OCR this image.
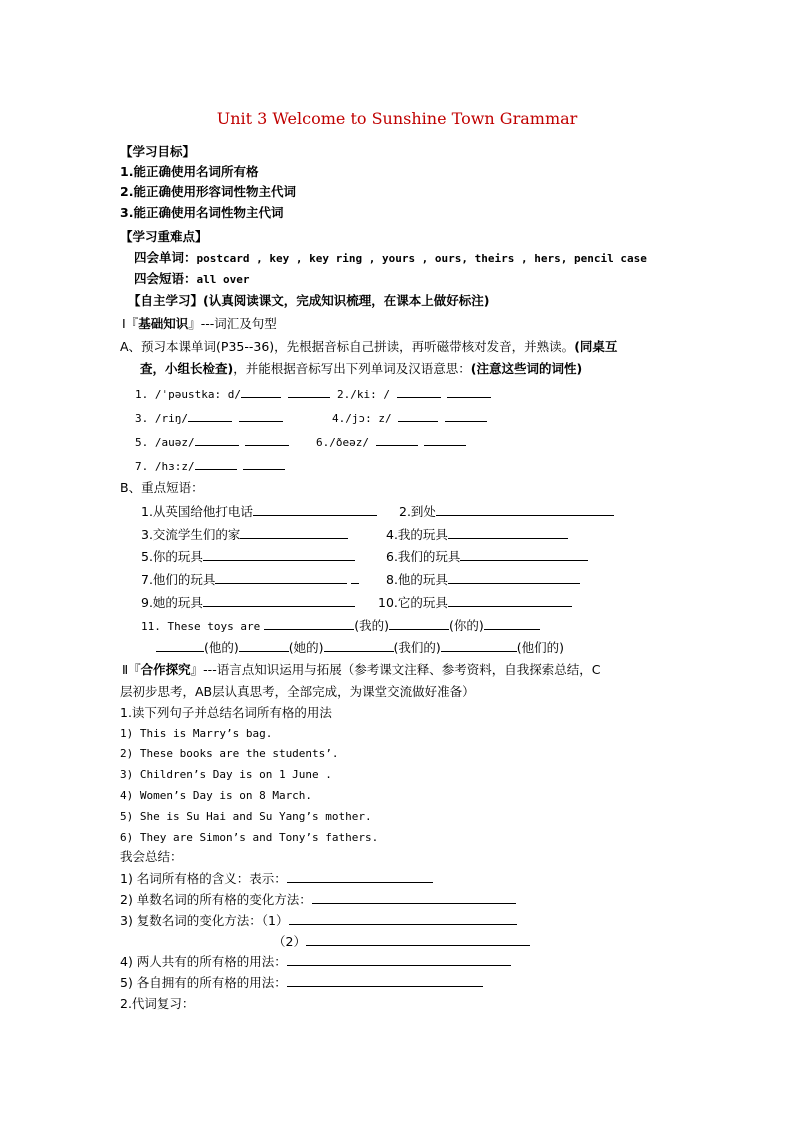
Unit 3 Welcome to Sunshine Town Grammar
【学习目标】
1.能正确使用名词所有格
2.能正确使用形容词性物主代词
3.能正确使用名词性物主代词
【学习重难点】
四会单词：postcard , key , key ring , yours , ours, theirs , hers, pencil case
四会短语：all over
【自主学习】(认真阅读课文，完成知识梳理，在课本上做好标注)
Ⅰ『基础知识』---词汇及句型
A、预习本课单词(P35--36)，先根据音标自己拼读，再听磁带核对发音，并熟读。(同桌互
查，小组长检查)，并能根据音标写出下列单词及汉语意思：(注意这些词的词性)
1. /ˈpəustka: d/	2./ki: /
3. /riŋ/	4./jɔ: z/
5. /auəz/	6./ðeəz/
7. /hɜ:z/
B、重点短语：
1.从英国给他打电话	2.到处
3.交流学生们的家	4.我的玩具
5.你的玩具	6.我们的玩具
7.他们的玩具	8.他的玩具
9.她的玩具	10.它的玩具
11. These toys are	(我的)	(你的)
(他的)	(她的)	(我们的)	(他们的)
Ⅱ『合作探究』---语言点知识运用与拓展（参考课文注释、参考资料，自我探索总结，C
层初步思考，AB层认真思考，全部完成，为课堂交流做好准备）
1.读下列句子并总结名词所有格的用法
1) This is Marry’s bag.
2) These books are the students’.
3) Children’s Day is on 1 June .
4) Women’s Day is on 8 March.
5) She is Su Hai and Su Yang’s mother.
6) They are Simon’s and Tony’s fathers.
我会总结：
1) 名词所有格的含义：表示：
2) 单数名词的所有格的变化方法：
3) 复数名词的变化方法：（1）
（2）
4) 两人共有的所有格的用法：
5) 各自拥有的所有格的用法：
2.代词复习：
